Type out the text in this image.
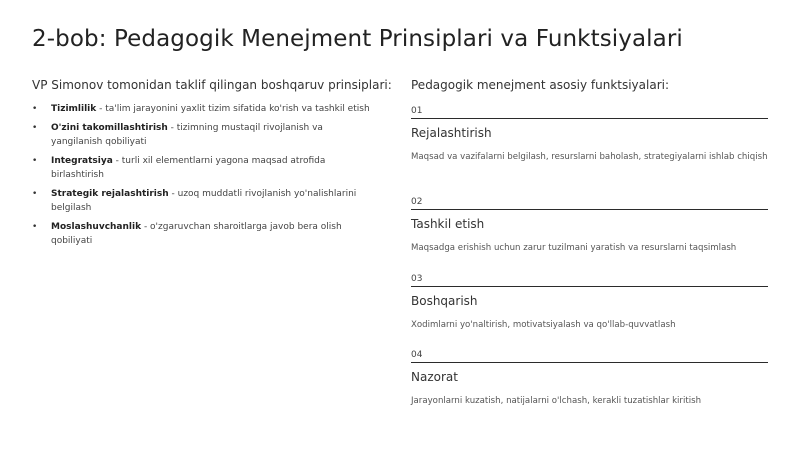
2-bob: Pedagogik Menejment Prinsiplari va Funktsiyalari
VP Simonov tomonidan taklif qilingan boshqaruv prinsiplari:
• Tizimlilik - ta'lim jarayonini yaxlit tizim sifatida ko'rish va tashkil etish
• O'zini takomillashtirish - tizimning mustaqil rivojlanish va yangilanish qobiliyati
• Integratsiya - turli xil elementlarni yagona maqsad atrofida birlashtirish
• Strategik rejalashtirish - uzoq muddatli rivojlanish yo'nalishlarini belgilash
• Moslashuvchanlik - o'zgaruvchan sharoitlarga javob bera olish qobiliyati
Pedagogik menejment asosiy funktsiyalari:
01
Rejalashtirish
Maqsad va vazifalarni belgilash, resurslarni baholash, strategiyalarni ishlab chiqish
02
Tashkil etish
Maqsadga erishish uchun zarur tuzilmani yaratish va resurslarni taqsimlash
03
Boshqarish
Xodimlarni yo'naltirish, motivatsiyalash va qo'llab-quvvatlash
04
Nazorat
Jarayonlarni kuzatish, natijalarni o'lchash, kerakli tuzatishlar kiritish
